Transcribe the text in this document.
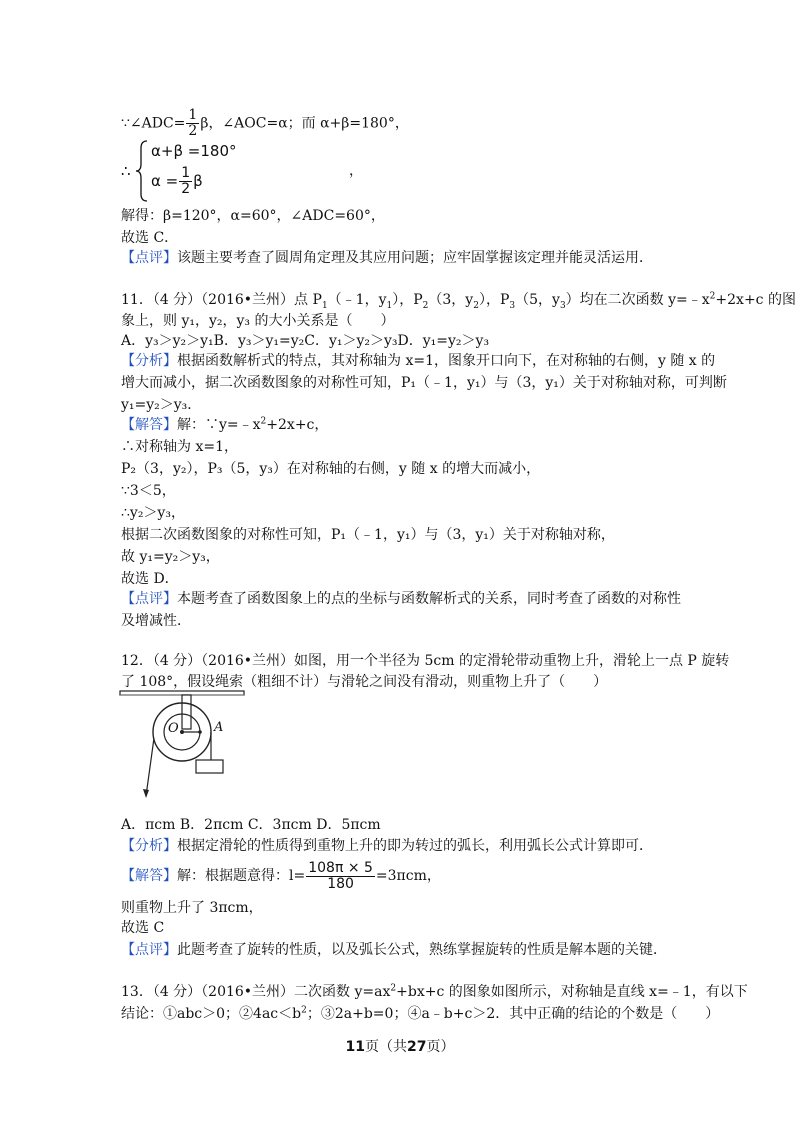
∵∠ADC= $\frac{1}{2}$ β，∠AOC=α；而 α+β=180°，
∴
α+β =180°
$\alpha = \frac{1}{2}$ β
，
解得：β=120°，α=60°，∠ADC=60°，
故选 C．
【点评】该题主要考查了圆周角定理及其应用问题；应牢固掌握该定理并能灵活运用．
11．（4 分）（2016•兰州）点 $P_1(﹣1$，$y_1$），$P_2(3$，$y_2$），$P_3(5$，$y_3$）均在二次函数 $y=﹣x^2+2x+c$ 的图
象上，则 y₁，y₂，y₃ 的大小关系是（　　）
A．y₃＞y₂＞y₁B．y₃＞y₁=y₂C．y₁＞y₂＞y₃D．y₁=y₂＞y₃
【分析】根据函数解析式的特点，其对称轴为 x=1，图象开口向下，在对称轴的右侧，y 随 x 的
增大而减小，据二次函数图象的对称性可知，P₁（﹣1，y₁）与（3，y₁）关于对称轴对称，可判断
y₁=y₂＞y₃．
【解答】解：$\because y=﹣x^2+2x+c$，
∴对称轴为 x=1，
P₂（3，y₂），P₃（5，y₃）在对称轴的右侧，y 随 x 的增大而减小，
∵3＜5，
∴y₂＞y₃，
根据二次函数图象的对称性可知，P₁（﹣1，y₁）与（3，y₁）关于对称轴对称，
故 y₁=y₂＞y₃，
故选 D．
【点评】本题考查了函数图象上的点的坐标与函数解析式的关系，同时考查了函数的对称性
及增减性．
12．（4 分）（2016•兰州）如图，用一个半径为 5cm 的定滑轮带动重物上升，滑轮上一点 P 旋转
了 108°，假设绳索（粗细不计）与滑轮之间没有滑动，则重物上升了（　　）
O	A
A．πcm B．2πcm C．3πcm D．5πcm
【分析】根据定滑轮的性质得到重物上升的即为转过的弧长，利用弧长公式计算即可．
【解答】解：根据题意得：$l= \frac{108\pi \times 5}{180} =3\pi cm$，
则重物上升了 3πcm，
故选 C
【点评】此题考查了旋转的性质，以及弧长公式，熟练掌握旋转的性质是解本题的关键．
13．（4 分）（2016•兰州）二次函数 $y=ax^2+bx+c$ 的图象如图所示，对称轴是直线 x=﹣1，有以下
结论：①abc＞0；$②4ac<b^2$；③2a+b=0；④a﹣b+c＞2．其中正确的结论的个数是（　　）
11页（共27页）
